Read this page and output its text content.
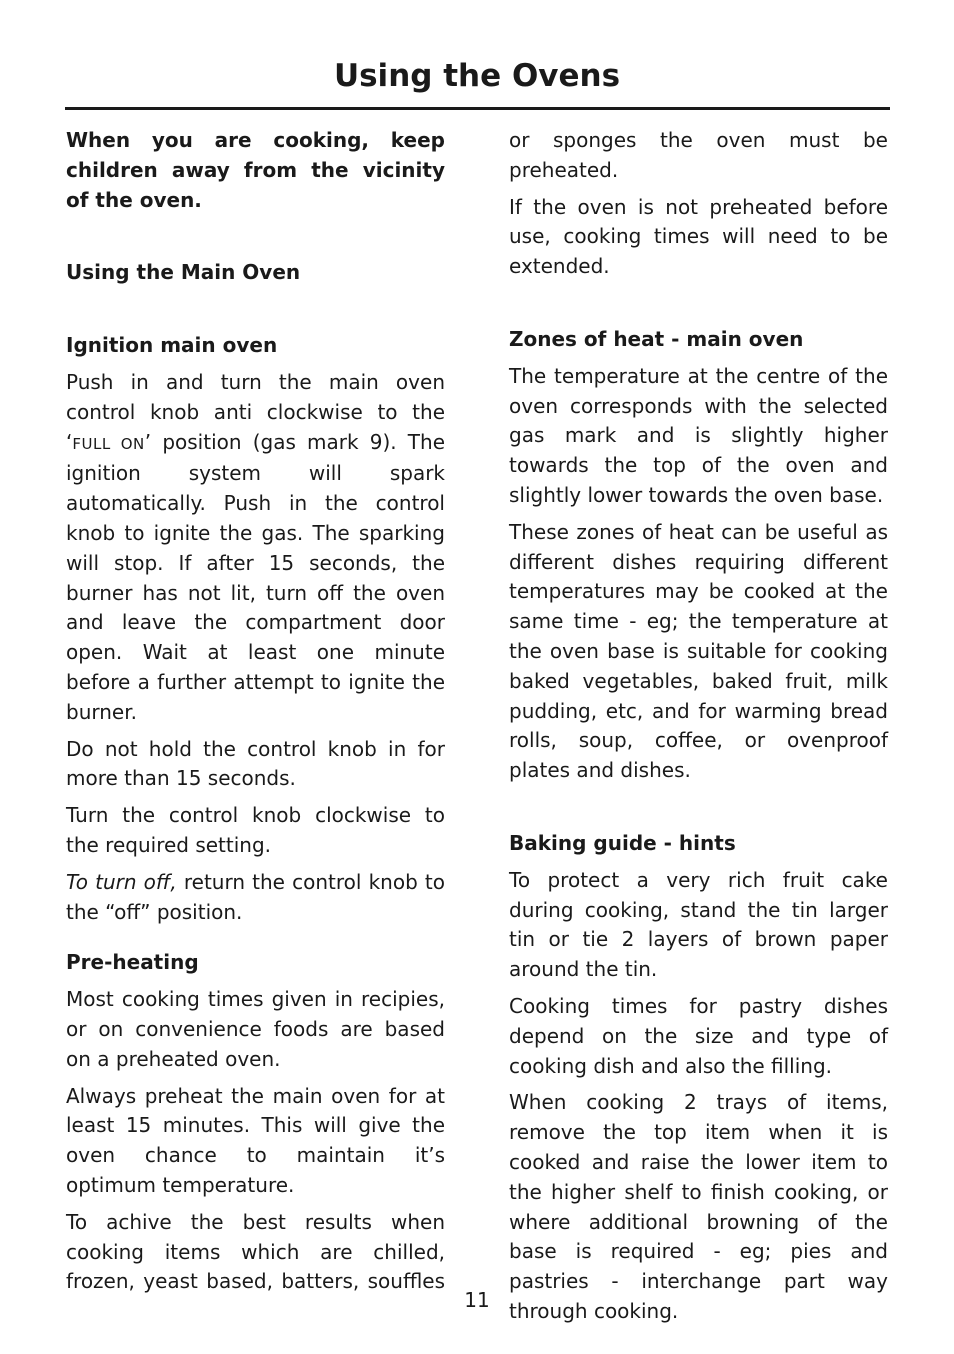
Using the Ovens

When you are cooking, keep children away from the vicinity of the oven.

Using the Main Oven
Ignition main oven

Push in and turn the main oven control knob anti clockwise to the ‘FULL ON’ position (gas mark 9). The ignition system will spark automatically. Push in the control knob to ignite the gas. The sparking will stop. If after 15 seconds, the burner has not lit, turn off the oven and leave the compartment door open. Wait at least one minute before a further attempt to ignite the burner.

Do not hold the control knob in for more than 15 seconds.

Turn the control knob clockwise to the required setting.

To turn off, return the control knob to the “off” position.

Pre-heating

Most cooking times given in recipies, or on convenience foods are based on a preheated oven.

Always preheat the main oven for at least 15 minutes. This will give the oven chance to maintain it’s optimum temperature.

To achive the best results when cooking items which are chilled, frozen, yeast based, batters, souffles

or sponges the oven must be preheated.

If the oven is not preheated before use, cooking times will need to be extended.

Zones of heat - main oven

The temperature at the centre of the oven corresponds with the selected gas mark and is slightly higher towards the top of the oven and slightly lower towards the oven base.

These zones of heat can be useful as different dishes requiring different temperatures may be cooked at the same time - eg; the temperature at the oven base is suitable for cooking baked vegetables, baked fruit, milk pudding, etc, and for warming bread rolls, soup, coffee, or ovenproof plates and dishes.

Baking guide - hints

To protect a very rich fruit cake during cooking, stand the tin larger tin or tie 2 layers of brown paper around the tin.

Cooking times for pastry dishes depend on the size and type of cooking dish and also the filling.

When cooking 2 trays of items, remove the top item when it is cooked and raise the lower item to the higher shelf to finish cooking, or where additional browning of the base is required - eg; pies and pastries - interchange part way through cooking.

11
